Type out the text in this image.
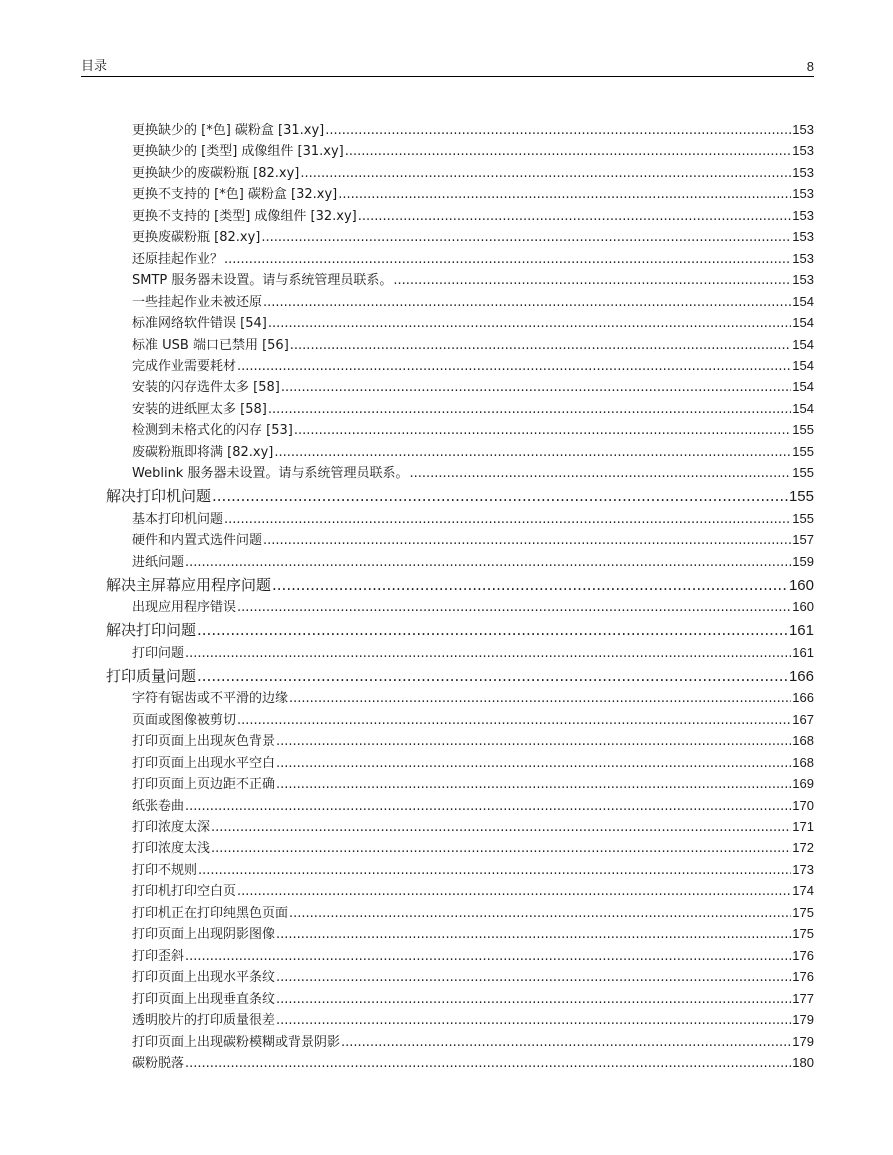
目录	8
更换缺少的 [*色] 碳粉盒 [31.xy] .....	153
更换缺少的 [类型] 成像组件 [31.xy] .....	153
更换缺少的废碳粉瓶 [82.xy] .....	153
更换不支持的 [*色] 碳粉盒 [32.xy] .....	153
更换不支持的 [类型] 成像组件 [32.xy] .....	153
更换废碳粉瓶 [82.xy] .....	153
还原挂起作业？ .....	153
SMTP 服务器未设置。请与系统管理员联系。 .....	153
一些挂起作业未被还原 .....	154
标准网络软件错误 [54] .....	154
标准 USB 端口已禁用 [56] .....	154
完成作业需要耗材 .....	154
安装的闪存选件太多 [58] .....	154
安装的进纸匣太多 [58] .....	154
检测到未格式化的闪存 [53] .....	155
废碳粉瓶即将满 [82.xy] .....	155
Weblink 服务器未设置。请与系统管理员联系。 .....	155
解决打印机问题 .....	155
基本打印机问题 .....	155
硬件和内置式选件问题 .....	157
进纸问题 .....	159
解决主屏幕应用程序问题 .....	160
出现应用程序错误 .....	160
解决打印问题 .....	161
打印问题 .....	161
打印质量问题 .....	166
字符有锯齿或不平滑的边缘 .....	166
页面或图像被剪切 .....	167
打印页面上出现灰色背景 .....	168
打印页面上出现水平空白 .....	168
打印页面上页边距不正确 .....	169
纸张卷曲 .....	170
打印浓度太深 .....	171
打印浓度太浅 .....	172
打印不规则 .....	173
打印机打印空白页 .....	174
打印机正在打印纯黑色页面 .....	175
打印页面上出现阴影图像 .....	175
打印歪斜 .....	176
打印页面上出现水平条纹 .....	176
打印页面上出现垂直条纹 .....	177
透明胶片的打印质量很差 .....	179
打印页面上出现碳粉模糊或背景阴影 .....	179
碳粉脱落 .....	180
